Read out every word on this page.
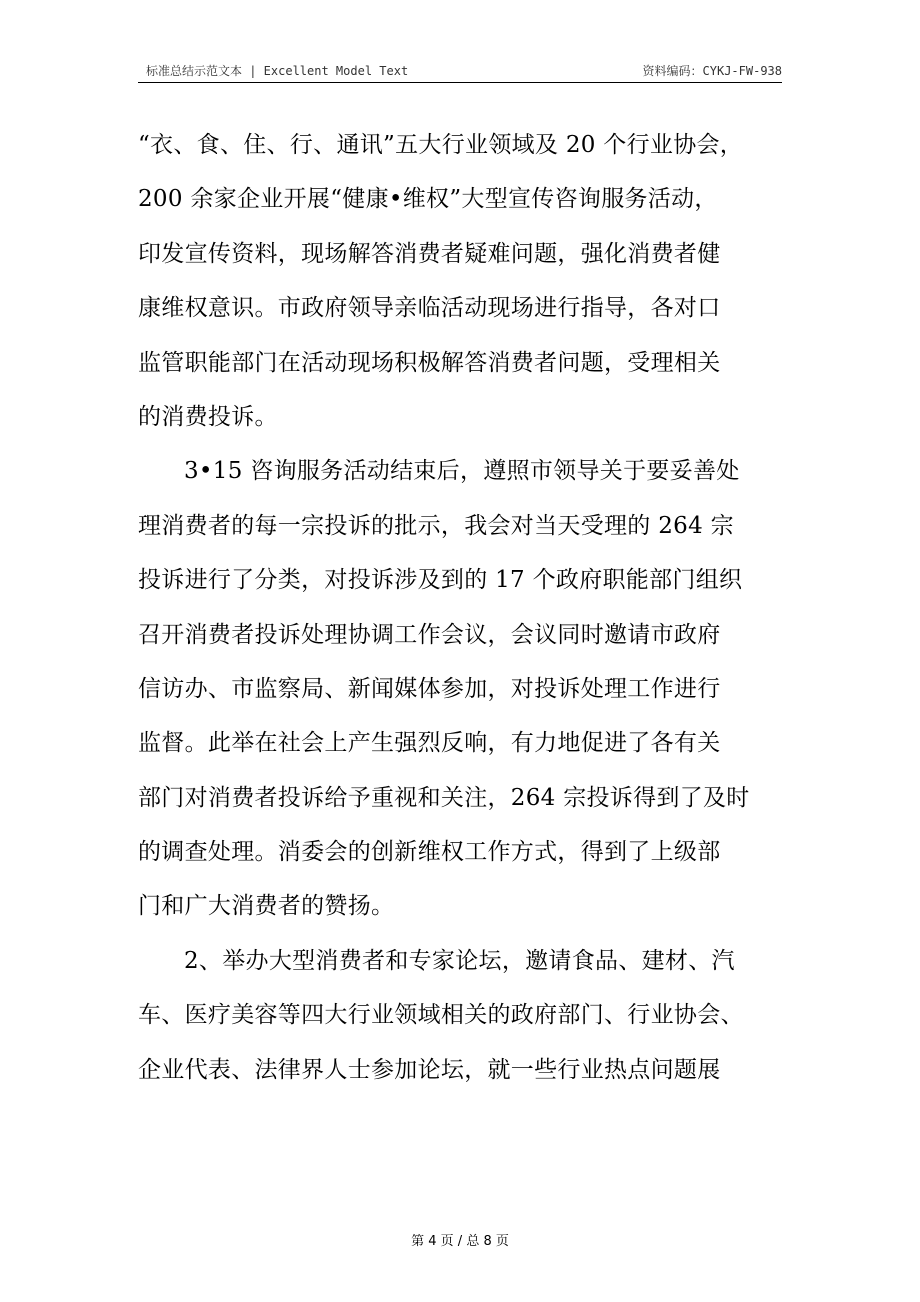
标准总结示范文本 | Excellent Model Text	资料编码：CYKJ-FW-938
“衣、食、住、行、通讯”五大行业领域及 20 个行业协会，
200 余家企业开展“健康•维权”大型宣传咨询服务活动，
印发宣传资料，现场解答消费者疑难问题，强化消费者健
康维权意识。市政府领导亲临活动现场进行指导，各对口
监管职能部门在活动现场积极解答消费者问题，受理相关
的消费投诉。
3•15 咨询服务活动结束后，遵照市领导关于要妥善处
理消费者的每一宗投诉的批示，我会对当天受理的 264 宗
投诉进行了分类，对投诉涉及到的 17 个政府职能部门组织
召开消费者投诉处理协调工作会议，会议同时邀请市政府
信访办、市监察局、新闻媒体参加，对投诉处理工作进行
监督。此举在社会上产生强烈反响，有力地促进了各有关
部门对消费者投诉给予重视和关注，264 宗投诉得到了及时
的调查处理。消委会的创新维权工作方式，得到了上级部
门和广大消费者的赞扬。
2、举办大型消费者和专家论坛，邀请食品、建材、汽
车、医疗美容等四大行业领域相关的政府部门、行业协会、
企业代表、法律界人士参加论坛，就一些行业热点问题展
第 4 页 / 总 8 页
